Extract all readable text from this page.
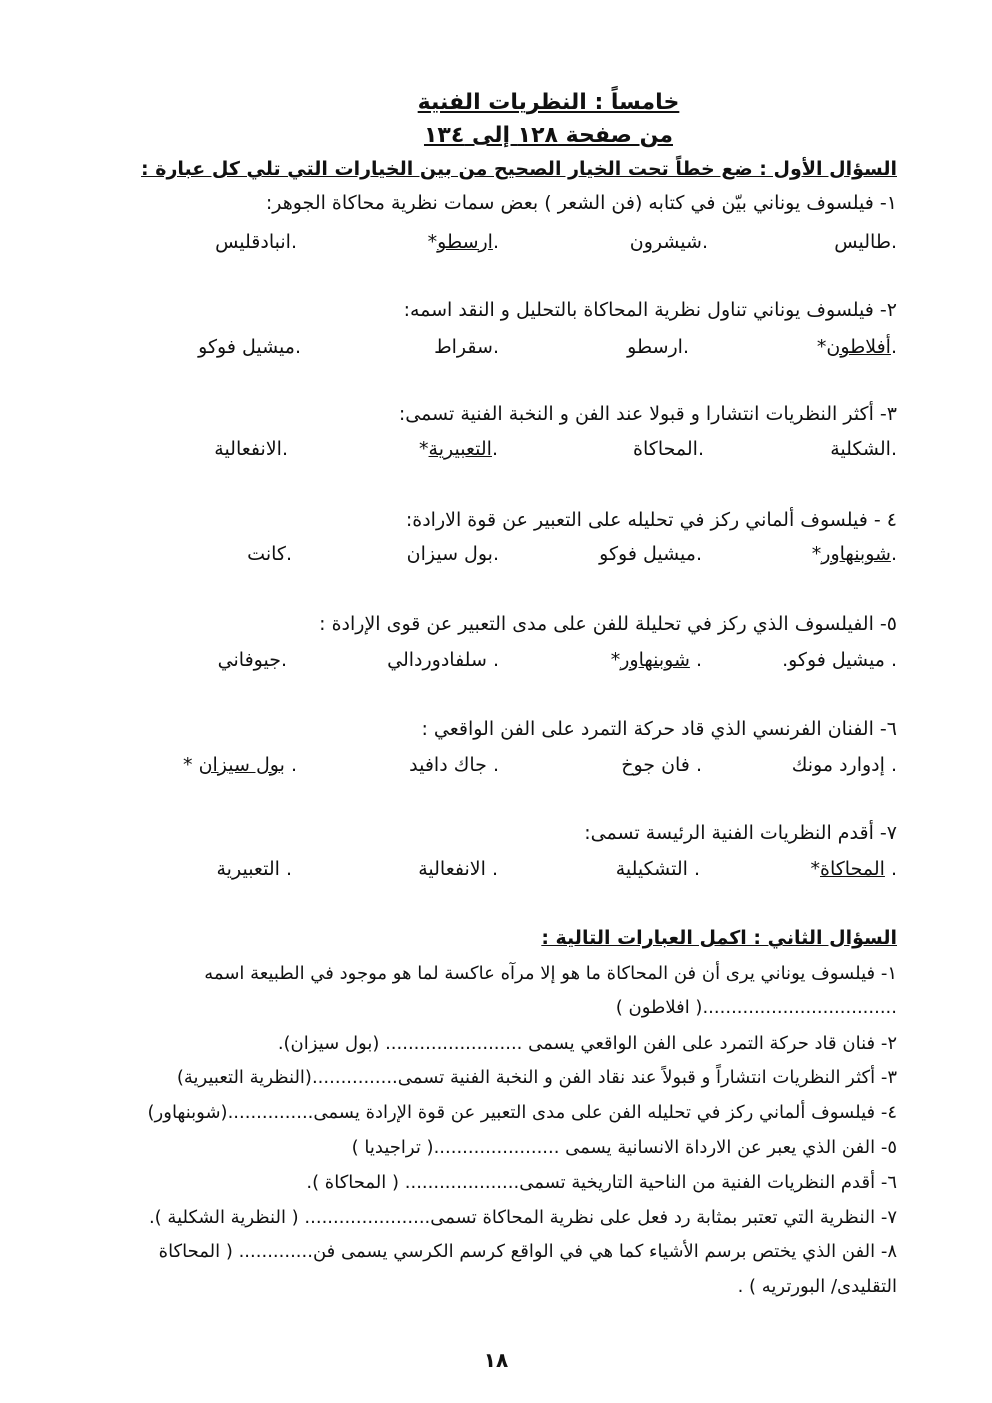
خامساً : النظريات الفنية
من صفحة ١٢٨ إلى ١٣٤
السؤال الأول : ضع خطاً تحت الخيار الصحيح من بين الخيارات التي تلي كل عبارة :
١- فيلسوف يوناني بيّن في كتابه (فن الشعر ) بعض سمات نظرية محاكاة الجوهر:
.طاليس
.شيشرون
.ارسطو*
.انبادقليس
٢- فيلسوف يوناني تناول نظرية المحاكاة بالتحليل و النقد اسمه:
.أفلاطون*
.ارسطو
.سقراط
.ميشيل فوكو
٣- أكثر النظريات انتشارا و قبولا عند الفن و النخبة الفنية تسمى:
.الشكلية
.المحاكاة
.التعبيرية*
.الانفعالية
٤ - فيلسوف ألماني ركز في تحليله على التعبير عن قوة الارادة:
.شوبنهاور*
.ميشيل فوكو
.بول سيزان
.كانت
٥- الفيلسوف الذي ركز في تحليلة للفن على مدى التعبير عن قوى الإرادة :
. ميشيل فوكو.
. شوبنهاور*
. سلفادوردالي
.جيوفاني
٦- الفنان الفرنسي الذي قاد حركة التمرد على الفن الواقعي :
. إدوارد مونك
. فان جوخ
. جاك دافيد
. بول سيزان *
٧- أقدم النظريات الفنية الرئيسة تسمى:
. المحاكاة*
. التشكيلية
. الانفعالية
. التعبيرية
السؤال الثاني : اكمل العبارات التالية :
١- فيلسوف يوناني يرى أن فن المحاكاة ما هو إلا مرآه عاكسة لما هو موجود في الطبيعة اسمه
..................................( افلاطون )
٢- فنان قاد حركة التمرد على الفن الواقعي يسمى ........................ (بول سيزان).
٣- أكثر النظريات انتشاراً و قبولاً عند نقاد الفن و النخبة الفنية تسمى...............(النظرية التعبيرية)
٤- فيلسوف ألماني ركز في تحليله الفن على مدى التعبير عن قوة الإرادة يسمى...............(شوبنهاور)
٥- الفن الذي يعبر عن الارداة الانسانية يسمى ......................( تراجيديا )
٦- أقدم النظريات الفنية من الناحية التاريخية تسمى.................... ( المحاكاة ).
٧- النظرية التي تعتبر بمثابة رد فعل على نظرية المحاكاة تسمى...................... ( النظرية الشكلية ).
٨- الفن الذي يختص برسم الأشياء كما هي في الواقع كرسم الكرسي يسمى فن............. ( المحاكاة
التقليدى/ البورتريه ) .
١٨
